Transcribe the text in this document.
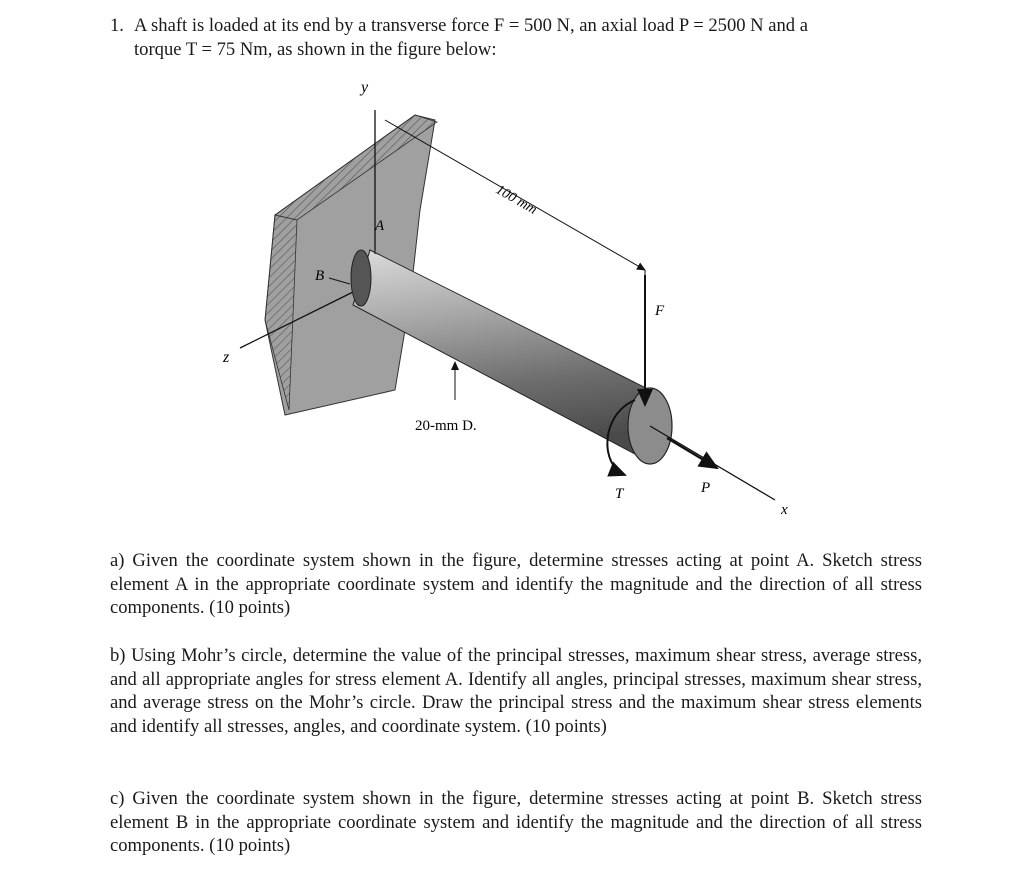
1. A shaft is loaded at its end by a transverse force F = 500 N, an axial load P = 2500 N and a
torque T = 75 Nm, as shown in the figure below:
y
z
A
B
100 mm
F
T
x
P
20-mm D.
a) Given the coordinate system shown in the figure, determine stresses acting at point A. Sketch stress element A in the appropriate coordinate system and identify the magnitude and the direction of all stress components. (10 points)
b) Using Mohr’s circle, determine the value of the principal stresses, maximum shear stress, average stress, and all appropriate angles for stress element A. Identify all angles, principal stresses, maximum shear stress, and average stress on the Mohr’s circle. Draw the principal stress and the maximum shear stress elements and identify all stresses, angles, and coordinate system. (10 points)
c) Given the coordinate system shown in the figure, determine stresses acting at point B. Sketch stress element B in the appropriate coordinate system and identify the magnitude and the direction of all stress components. (10 points)
